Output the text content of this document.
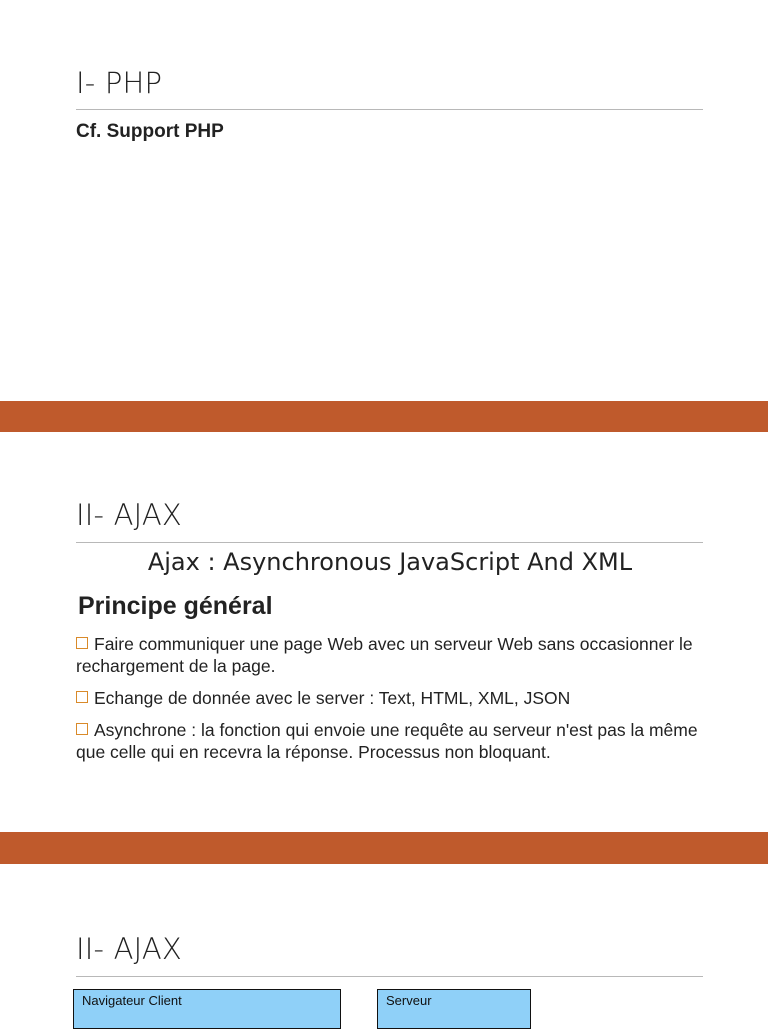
I- PHP
Cf. Support PHP
II- AJAX
Ajax : Asynchronous JavaScript And XML
Principe général
Faire communiquer une page Web avec un serveur Web sans occasionner le rechargement de la page.
Echange de donnée avec le server : Text, HTML, XML, JSON
Asynchrone : la fonction qui envoie une requête au serveur n'est pas la même que celle qui en recevra la réponse. Processus non bloquant.
II- AJAX
Navigateur Client	Serveur
